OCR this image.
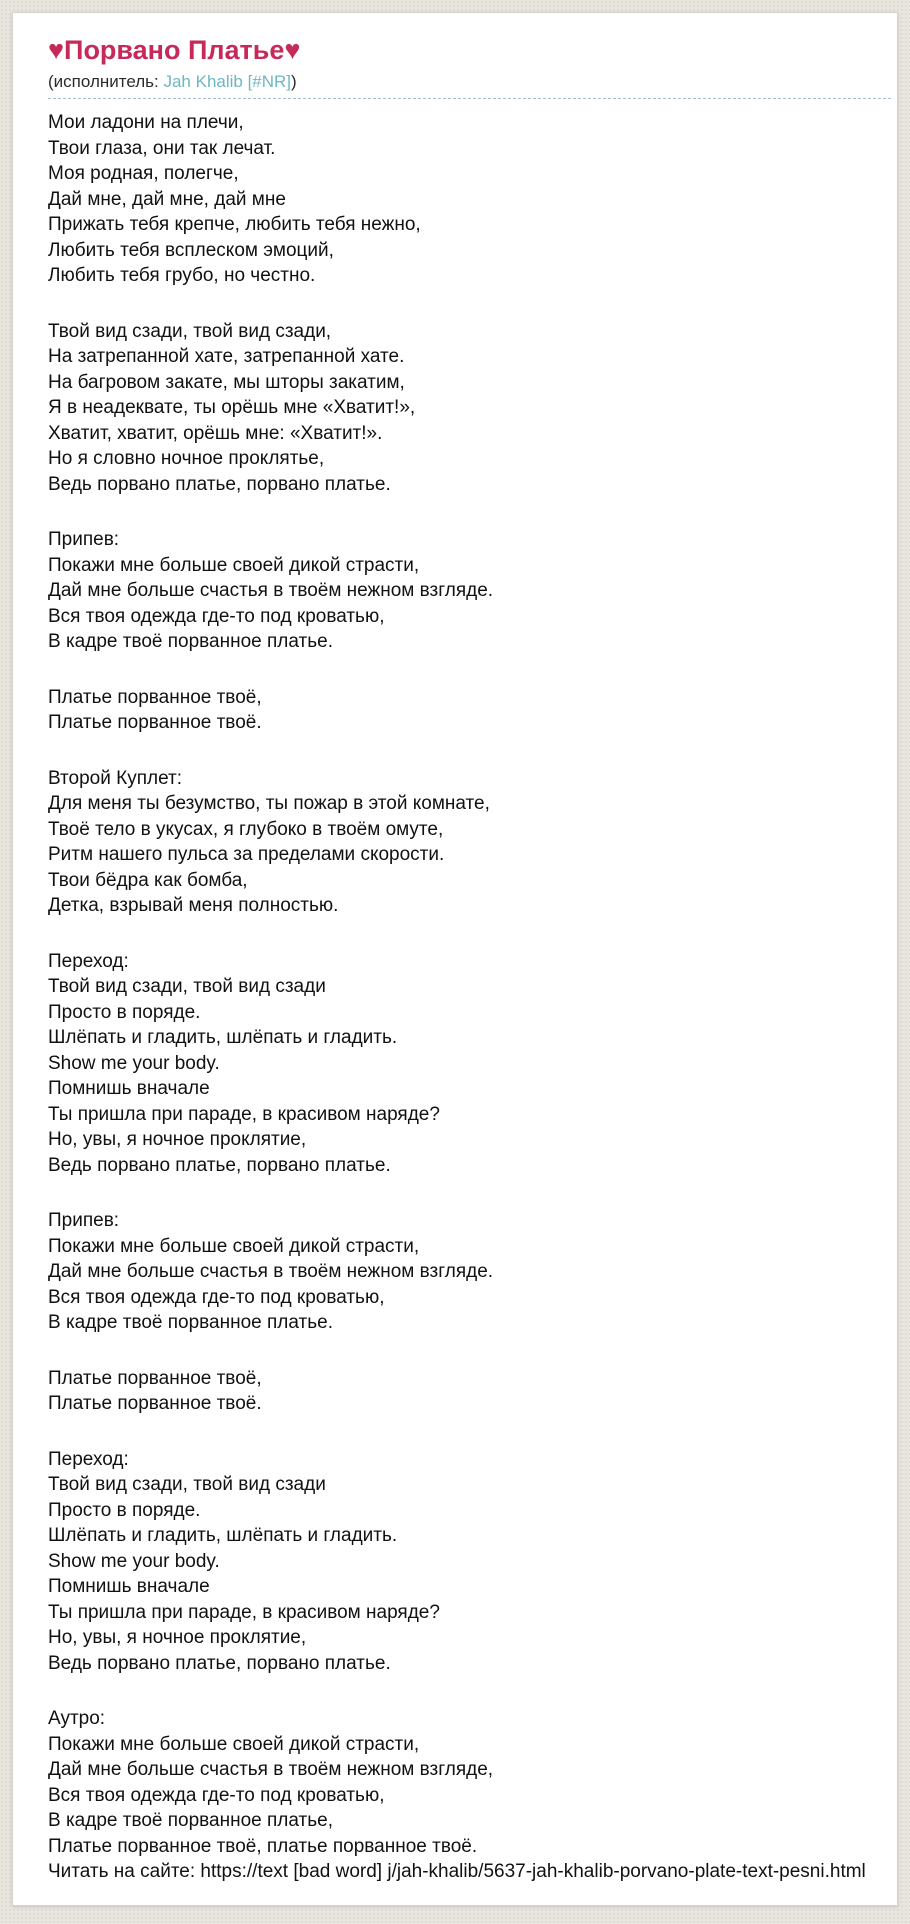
♥Порвано Платье♥

(исполнитель: Jah Khalib [#NR])

Мои ладони на плечи,
Твои глаза, они так лечат.
Моя родная, полегче,
Дай мне, дай мне, дай мне
Прижать тебя крепче, любить тебя нежно,
Любить тебя всплеском эмоций,
Любить тебя грубо, но честно.

Твой вид сзади, твой вид сзади,
На затрепанной хате, затрепанной хате.
На багровом закате, мы шторы закатим,
Я в неадеквате, ты орёшь мне «Хватит!»,
Хватит, хватит, орёшь мне: «Хватит!».
Но я словно ночное проклятье,
Ведь порвано платье, порвано платье.

Припев:
Покажи мне больше своей дикой страсти,
Дай мне больше счастья в твоём нежном взгляде.
Вся твоя одежда где-то под кроватью,
В кадре твоё порванное платье.

Платье порванное твоё,
Платье порванное твоё.

Второй Куплет:
Для меня ты безумство, ты пожар в этой комнате,
Твоё тело в укусах, я глубоко в твоём омуте,
Ритм нашего пульса за пределами скорости.
Твои бёдра как бомба,
Детка, взрывай меня полностью.

Переход:
Твой вид сзади, твой вид сзади
Просто в поряде.
Шлёпать и гладить, шлёпать и гладить.
Show me your body.
Помнишь вначале
Ты пришла при параде, в красивом наряде?
Но, увы, я ночное проклятие,
Ведь порвано платье, порвано платье.

Припев:
Покажи мне больше своей дикой страсти,
Дай мне больше счастья в твоём нежном взгляде.
Вся твоя одежда где-то под кроватью,
В кадре твоё порванное платье.

Платье порванное твоё,
Платье порванное твоё.

Переход:
Твой вид сзади, твой вид сзади
Просто в поряде.
Шлёпать и гладить, шлёпать и гладить.
Show me your body.
Помнишь вначале
Ты пришла при параде, в красивом наряде?
Но, увы, я ночное проклятие,
Ведь порвано платье, порвано платье.

Аутро:
Покажи мне больше своей дикой страсти,
Дай мне больше счастья в твоём нежном взгляде,
Вся твоя одежда где-то под кроватью,
В кадре твоё порванное платье,
Платье порванное твоё, платье порванное твоё.
Читать на сайте: https://text [bad word] j/jah-khalib/5637-jah-khalib-porvano-plate-text-pesni.html
